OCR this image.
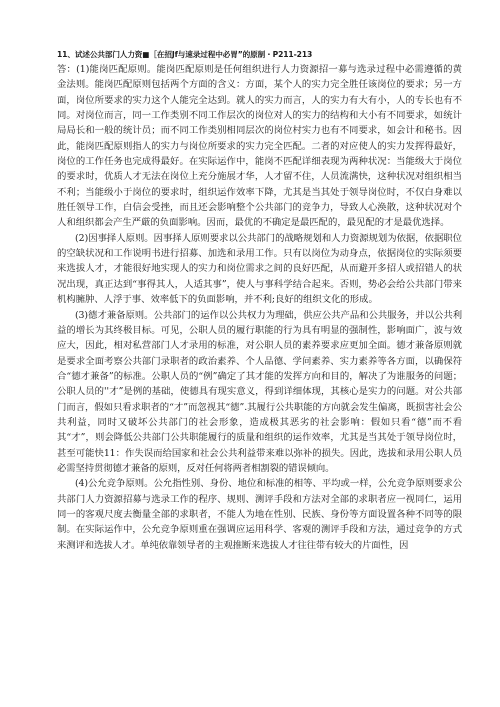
11、试述公共部门人力资■［在招Jf与速录过程中必胃”的原制・P211-213

答：(1)能岗匹配原则。能岗匹配原则是任何组织进行人力资源招一募与选录过程中必需遵循的黄金法则。能岗匹配原则包括两个方面的含义：方面，某个人的实力完全胜任该岗位的要求；另一方面，岗位所要求的实力这个人能完全达到。就人的实力而言，人的实力有大有小，人的专长也有不同。对岗位而言，同一工作类别不同工作层次的岗位对人的实力的结构和大小有不同要求，如统计局局长和一般的统计员；而不同工作类别相同层次的岗位村实力也有不同要求，如会计和秘书。因此，能岗匹配原则指人的实力与岗位所要求的实力完全匹配。二者的对应使人的实力发挥得最好，岗位的工作任务也完成得最好。在实际运作中，能岗不匹配详细表现为两种状况：当能级大于岗位的要求时，优质人才无法在岗位上充分施展才华，人才留不住，人员流满快，这种状况对组织相当不利；当能级小于岗位的要求时，组织运作效率下降，尤其是当其处于领导岗位时，不仅白身难以胜任领导工作，白信会受挫，而且还会影响整个公共部门的竞争力，导致人心涣散，这种状况对个人和组织都会产生严厳的负面影响。因而，最优的不确定是最匹配的，最见配的才是最优选择。

(2)因事择人原则。因事择人原则要求以公共部门的战略规划和人力资源规划为依据，依据职位的空缺状况和工作说明书进行招募、加选和录用工作。只有以岗位为动身点，依据岗位的实际须要来选拔人才，才能很好地实现人的实力和岗位需求之间的良好匹配，从而避开多招人或招错人的状况出现，真正达到“事得其人，人适其事”，使人与事科学结合起来。否则，势必会给公共部门带来机构臃肿、人浮于事、效率低下的负面影响，并不利;良好的组织文化的形成。

(3)德才兼备原则。公共部门的运作以公共权力为理础，供应公共产品和公共服务，并以公共利益的增长为其终极目标。可见，公职人员的履行职能的行为具有明显的强制性，影响面广，波与效应大，因此，相对私营部门人才录用的标准，对公职人员的素养要求应更加全面。德才兼备原则就是要求全面考察公共部门录职者的政治素养、个人品德、学问素养、实力素养等各方面，以确保符合“德才兼备”的标准。公职人员的“例”确定了其才能的发挥方向和目的，解决了为谁服务的问题；公职人员的''才”是例的基础，使德具有现实意义，得到详细体现，其核心是实力的问题。对公共部门而言，假如只看求职者的“才”而忽视其“德”.其履行公共职能的方向就会发生偏离，既损害社会公共利益，同时又破坏公共部门的社会形象，造成极其恶劣的社会影响：假如只看“德”而不看其“才”，则会降低公共部门公共职能履行的质量和组织的运作效率，尤其是当其处于领导岗位时，甚至可能快11：作失误而给国家和社会公共利益带来难以弥补的损失。因此，选拔和录用公职人员必需坚持贯彻德才兼备的原则，反对任何将两者相割裂的错误倾向。

(4)公允竞争原则。公允指性别、身份、地位和标准的相等、平均或一样，公允竞争原则要求公共部门人力资源招募与选录工作的程序、规则、测评手段和方法对全部的求职者应一视同仁，运用同一的客观尺度去衡量全部的求职者，不能人为地在性别、民族、身份等方面设置各种不同等的限制。在实际运作中，公允竞争原则重在强调应运用科学、客观的测评手段和方法，通过竞争的方式来测评和选拔人才。单纯依靠领导者的主观推断来选拔人才往往带有较大的片面性，因
